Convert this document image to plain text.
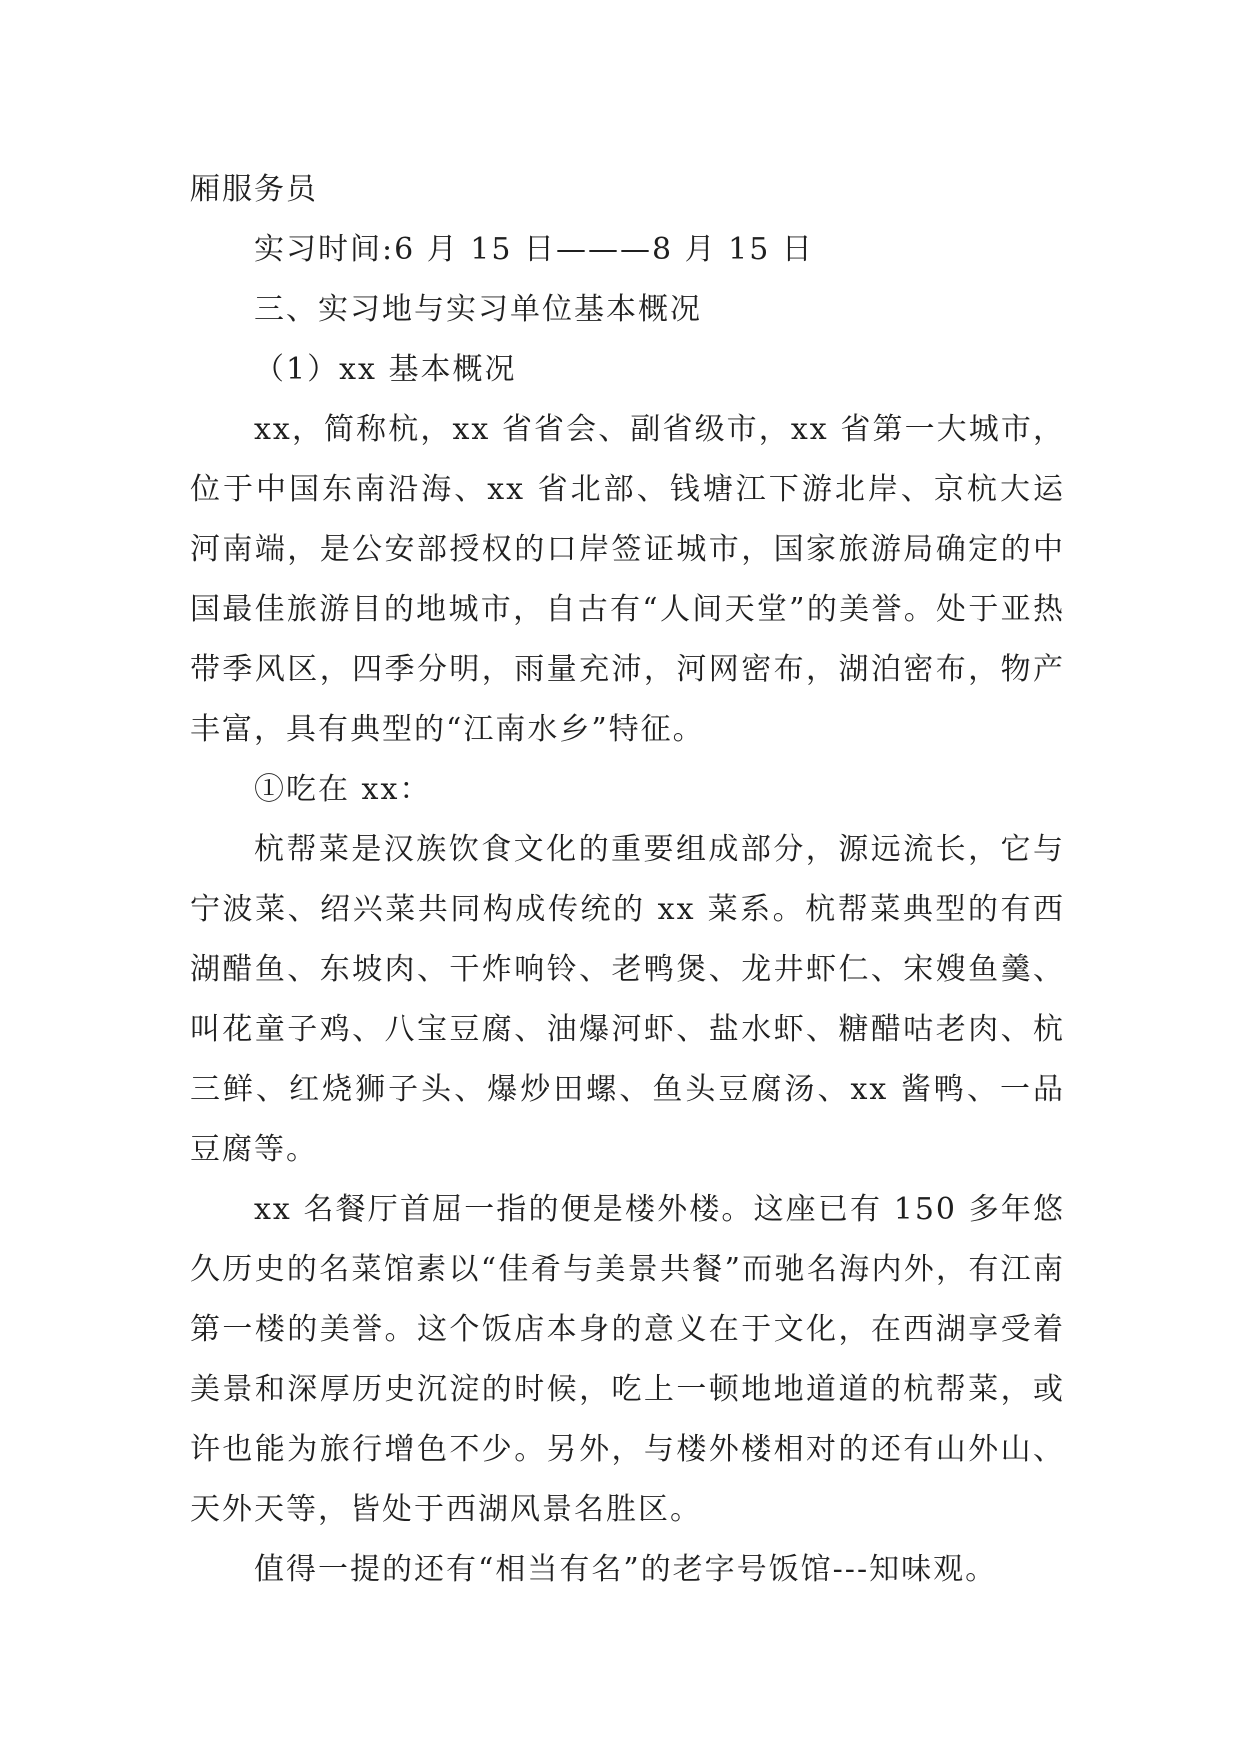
厢服务员

实习时间:6 月 15 日———8 月 15 日

三、实习地与实习单位基本概况

（1）xx 基本概况

xx，简称杭，xx 省省会、副省级市，xx 省第一大城市，位于中国东南沿海、xx 省北部、钱塘江下游北岸、京杭大运河南端，是公安部授权的口岸签证城市，国家旅游局确定的中国最佳旅游目的地城市，自古有“人间天堂”的美誉。处于亚热带季风区，四季分明，雨量充沛，河网密布，湖泊密布，物产丰富，具有典型的“江南水乡”特征。

①吃在 xx：

杭帮菜是汉族饮食文化的重要组成部分，源远流长，它与宁波菜、绍兴菜共同构成传统的 xx 菜系。杭帮菜典型的有西湖醋鱼、东坡肉、干炸响铃、老鸭煲、龙井虾仁、宋嫂鱼羹、叫花童子鸡、八宝豆腐、油爆河虾、盐水虾、糖醋咕老肉、杭三鲜、红烧狮子头、爆炒田螺、鱼头豆腐汤、xx 酱鸭、一品豆腐等。

xx 名餐厅首屈一指的便是楼外楼。这座已有 150 多年悠久历史的名菜馆素以“佳肴与美景共餐”而驰名海内外，有江南第一楼的美誉。这个饭店本身的意义在于文化，在西湖享受着美景和深厚历史沉淀的时候，吃上一顿地地道道的杭帮菜，或许也能为旅行增色不少。另外，与楼外楼相对的还有山外山、天外天等，皆处于西湖风景名胜区。

值得一提的还有“相当有名”的老字号饭馆---知味观。
